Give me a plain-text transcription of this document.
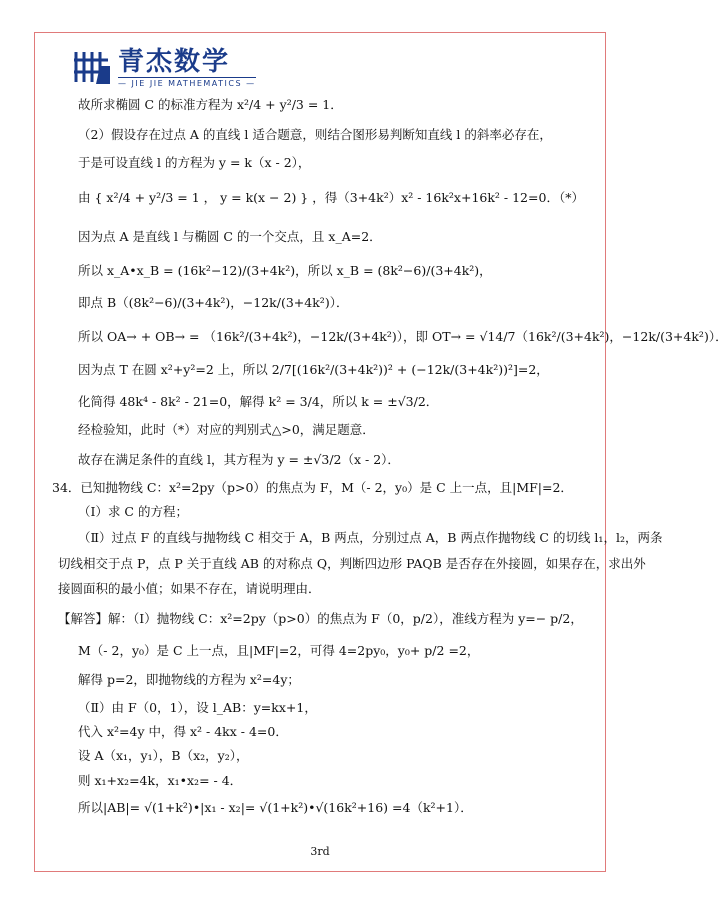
青杰数学
— JIE JIE MATHEMATICS —
故所求椭圆 C 的标准方程为 x²/4 + y²/3 = 1．
（2）假设存在过点 A 的直线 l 适合题意，则结合图形易判断知直线 l 的斜率必存在，
于是可设直线 l 的方程为 y = k（x - 2），
由 { x²/4 + y²/3 = 1 ， y = k(x − 2) } ，得（3+4k²）x² - 16k²x+16k² - 12=0．（*）
因为点 A 是直线 l 与椭圆 C 的一个交点，且 x_A=2．
所以 x_A•x_B = (16k²−12)/(3+4k²)，所以 x_B = (8k²−6)/(3+4k²)，
即点 B（(8k²−6)/(3+4k²)，−12k/(3+4k²)）．
所以 OA→ + OB→ = （16k²/(3+4k²)，−12k/(3+4k²)），即 OT→ = √14/7（16k²/(3+4k²)，−12k/(3+4k²)）．
因为点 T 在圆 x²+y²=2 上，所以 2/7[(16k²/(3+4k²))² + (−12k/(3+4k²))²]=2，
化简得 48k⁴ - 8k² - 21=0，解得 k² = 3/4，所以 k = ±√3/2．
经检验知，此时（*）对应的判别式△>0，满足题意．
故存在满足条件的直线 l，其方程为 y = ±√3/2（x - 2）．
34．已知抛物线 C：x²=2py（p>0）的焦点为 F，M（- 2，y₀）是 C 上一点，且|MF|=2．
（Ⅰ）求 C 的方程；
（Ⅱ）过点 F 的直线与抛物线 C 相交于 A，B 两点，分别过点 A，B 两点作抛物线 C 的切线 l₁，l₂，两条
切线相交于点 P，点 P 关于直线 AB 的对称点 Q，判断四边形 PAQB 是否存在外接圆，如果存在，求出外
接圆面积的最小值；如果不存在，请说明理由．
【解答】解：（Ⅰ）抛物线 C：x²=2py（p>0）的焦点为 F（0，p/2），准线方程为 y=− p/2，
M（- 2，y₀）是 C 上一点，且|MF|=2，可得 4=2py₀，y₀+ p/2 =2，
解得 p=2，即抛物线的方程为 x²=4y；
（Ⅱ）由 F（0，1），设 l_AB：y=kx+1，
代入 x²=4y 中，得 x² - 4kx - 4=0．
设 A（x₁，y₁），B（x₂，y₂），
则 x₁+x₂=4k，x₁•x₂= - 4．
所以|AB|= √(1+k²)•|x₁ - x₂|= √(1+k²)•√(16k²+16) =4（k²+1）．
3rd
